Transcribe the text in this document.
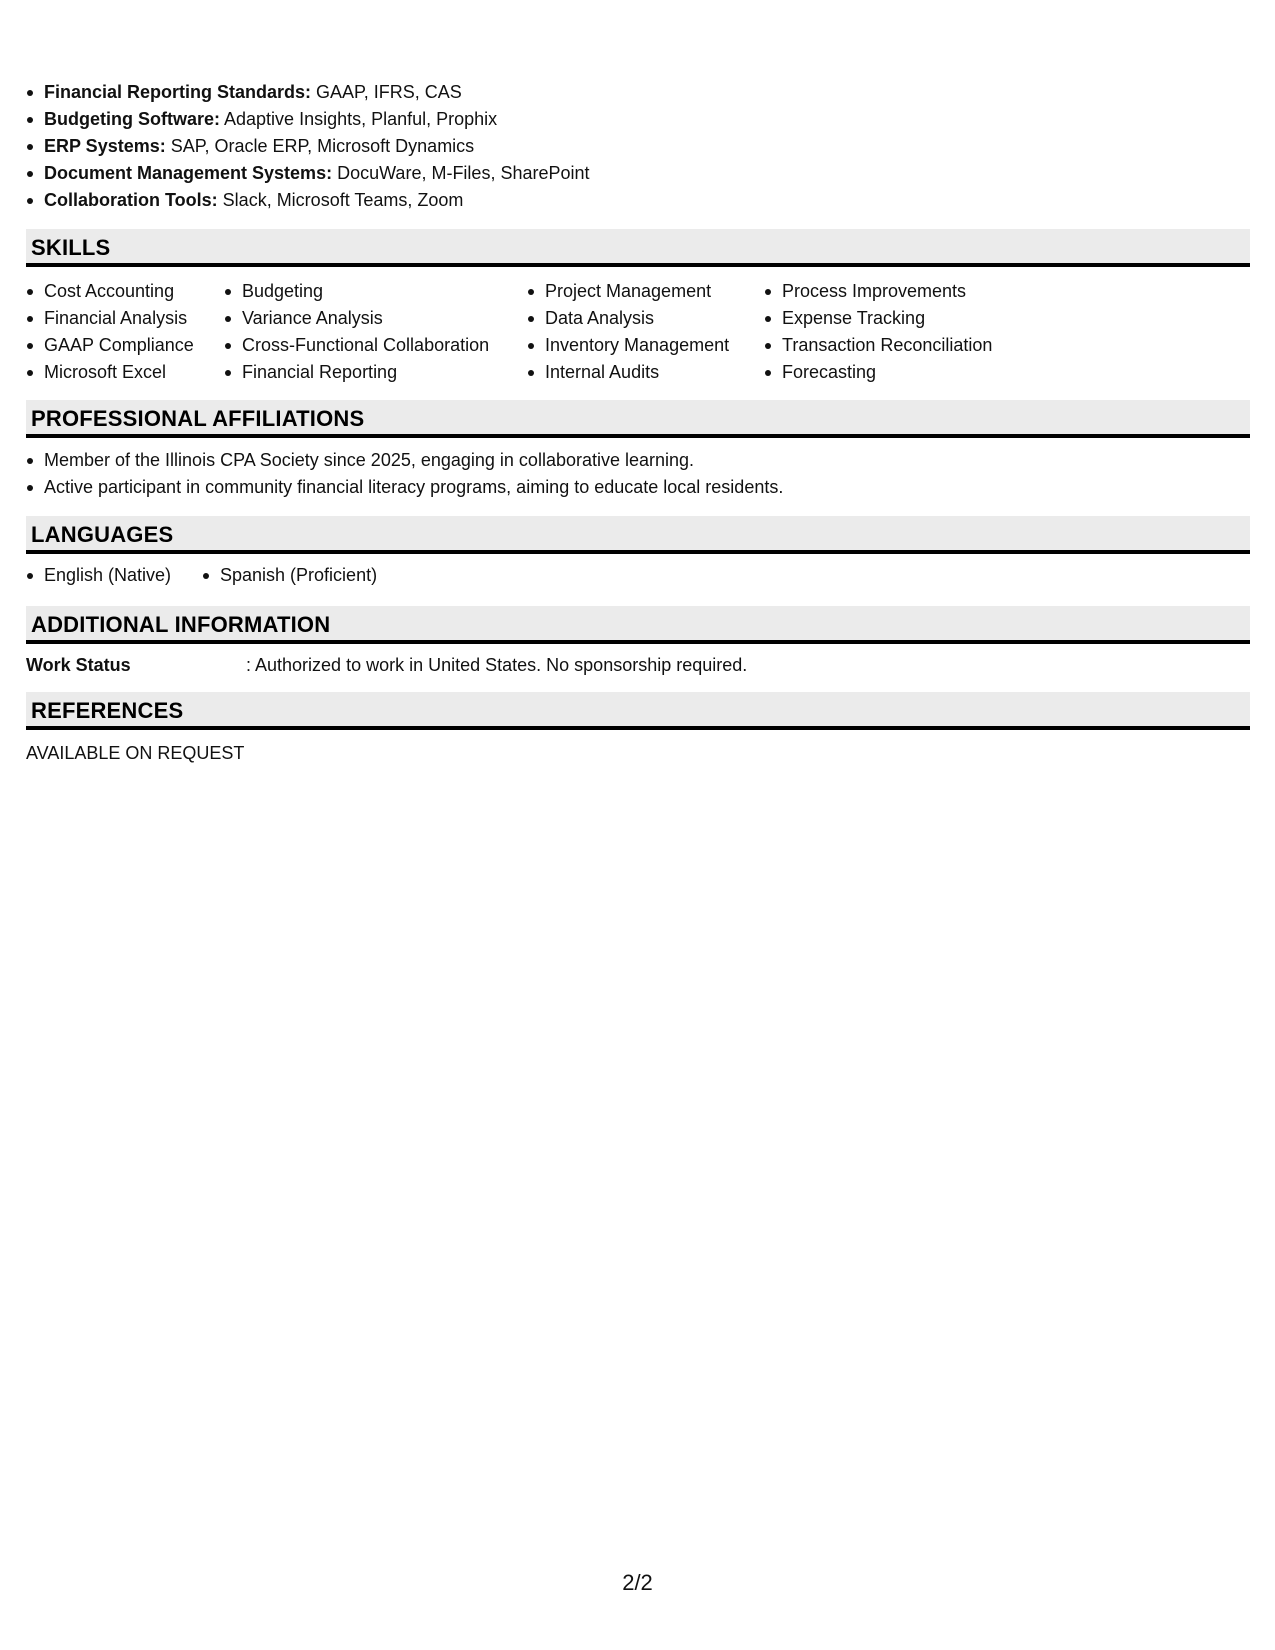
Financial Reporting Standards: GAAP, IFRS, CAS
Budgeting Software: Adaptive Insights, Planful, Prophix
ERP Systems: SAP, Oracle ERP, Microsoft Dynamics
Document Management Systems: DocuWare, M-Files, SharePoint
Collaboration Tools: Slack, Microsoft Teams, Zoom
SKILLS
Cost Accounting
Financial Analysis
GAAP Compliance
Microsoft Excel
Budgeting
Variance Analysis
Cross-Functional Collaboration
Financial Reporting
Project Management
Data Analysis
Inventory Management
Internal Audits
Process Improvements
Expense Tracking
Transaction Reconciliation
Forecasting
PROFESSIONAL AFFILIATIONS
Member of the Illinois CPA Society since 2025, engaging in collaborative learning.
Active participant in community financial literacy programs, aiming to educate local residents.
LANGUAGES
English (Native)	Spanish (Proficient)
ADDITIONAL INFORMATION
Work Status	: Authorized to work in United States. No sponsorship required.
REFERENCES
AVAILABLE ON REQUEST
2/2
